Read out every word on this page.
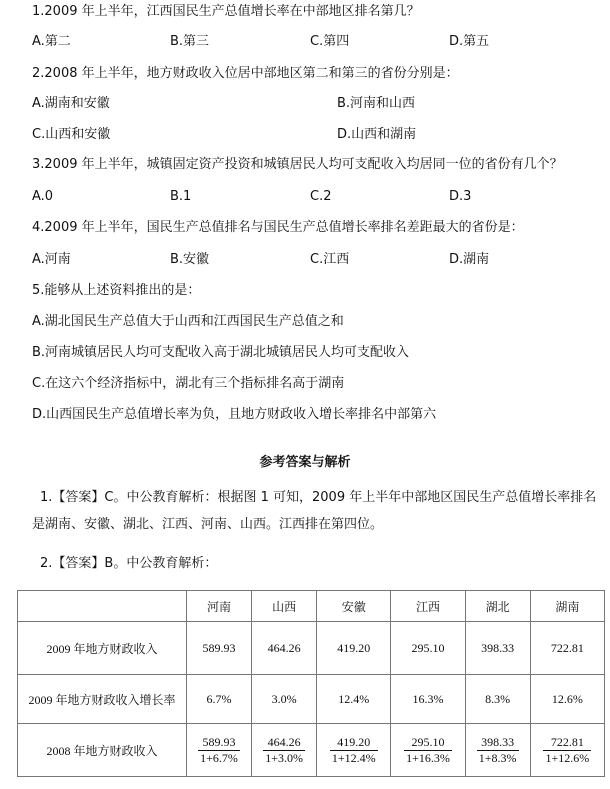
1.2009 年上半年，江西国民生产总值增长率在中部地区排名第几？
A.第二	B.第三	C.第四	D.第五
2.2008 年上半年，地方财政收入位居中部地区第二和第三的省份分别是：
A.湖南和安徽	B.河南和山西
C.山西和安徽	D.山西和湖南
3.2009 年上半年，城镇固定资产投资和城镇居民人均可支配收入均居同一位的省份有几个？
A.0	B.1	C.2	D.3
4.2009 年上半年，国民生产总值排名与国民生产总值增长率排名差距最大的省份是：
A.河南	B.安徽	C.江西	D.湖南
5.能够从上述资料推出的是：
A.湖北国民生产总值大于山西和江西国民生产总值之和
B.河南城镇居民人均可支配收入高于湖北城镇居民人均可支配收入
C.在这六个经济指标中，湖北有三个指标排名高于湖南
D.山西国民生产总值增长率为负，且地方财政收入增长率排名中部第六
参考答案与解析
1.【答案】C。中公教育解析：根据图 1 可知，2009 年上半年中部地区国民生产总值增长率排名是湖南、安徽、湖北、江西、河南、山西。江西排在第四位。
2.【答案】B。中公教育解析：
	河南	山西	安徽	江西	湖北	湖南
2009 年地方财政收入	589.93	464.26	419.20	295.10	398.33	722.81
2009 年地方财政收入增长率	6.7%	3.0%	12.4%	16.3%	8.3%	12.6%
2008 年地方财政收入	$\frac{589.93}{1+6.7\%}$	$\frac{464.26}{1+3.0\%}$	$\frac{419.20}{1+12.4\%}$	$\frac{295.10}{1+16.3\%}$	$\frac{398.33}{1+8.3\%}$	$\frac{722.81}{1+12.6\%}$
